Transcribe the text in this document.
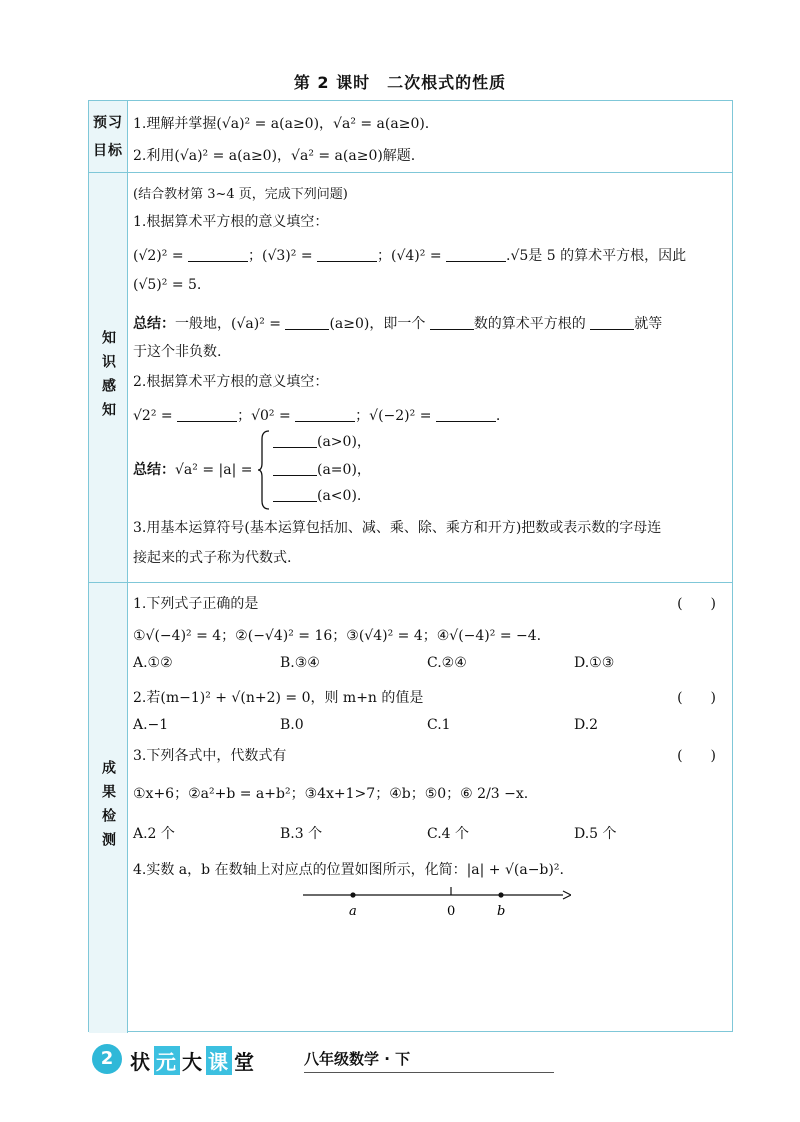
第 2 课时　二次根式的性质
预习
目标
1.理解并掌握(√a)² = a(a≥0)，√a² = a(a≥0).
2.利用(√a)² = a(a≥0)，√a² = a(a≥0)解题.
知识感知
(结合教材第 3~4 页，完成下列问题)
1.根据算术平方根的意义填空：
(√2)² =	；(√3)² =	；(√4)² =	.√5是 5 的算术平方根，因此
(√5)² = 5.
总结：一般地，(√a)² =	(a≥0)，即一个	数的算术平方根的	就等
于这个非负数.
2.根据算术平方根的意义填空：
√2² =	；√0² =	；√(−2)² =	.
总结：√a² = |a| =
(a>0)，
(a=0)，
(a<0).
3.用基本运算符号(基本运算包括加、减、乘、除、乘方和开方)把数或表示数的字母连
接起来的式子称为代数式.
成果检测
1.下列式子正确的是	(　　)
①√(−4)² = 4；②(−√4)² = 16；③(√4)² = 4；④√(−4)² = −4.
A.①②	B.③④	C.②④	D.①③
2.若(m−1)² + √(n+2) = 0，则 m+n 的值是	(　　)
A.−1	B.0	C.1	D.2
3.下列各式中，代数式有	(　　)
①x+6；②a²+b = a+b²；③4x+1>7；④b；⑤0；⑥ 2/3 −x.
A.2 个	B.3 个	C.4 个	D.5 个
4.实数 a，b 在数轴上对应点的位置如图所示，化简：|a| + √(a−b)².
a	0	b
2 状 元 大 课 堂	八年级数学 · 下
